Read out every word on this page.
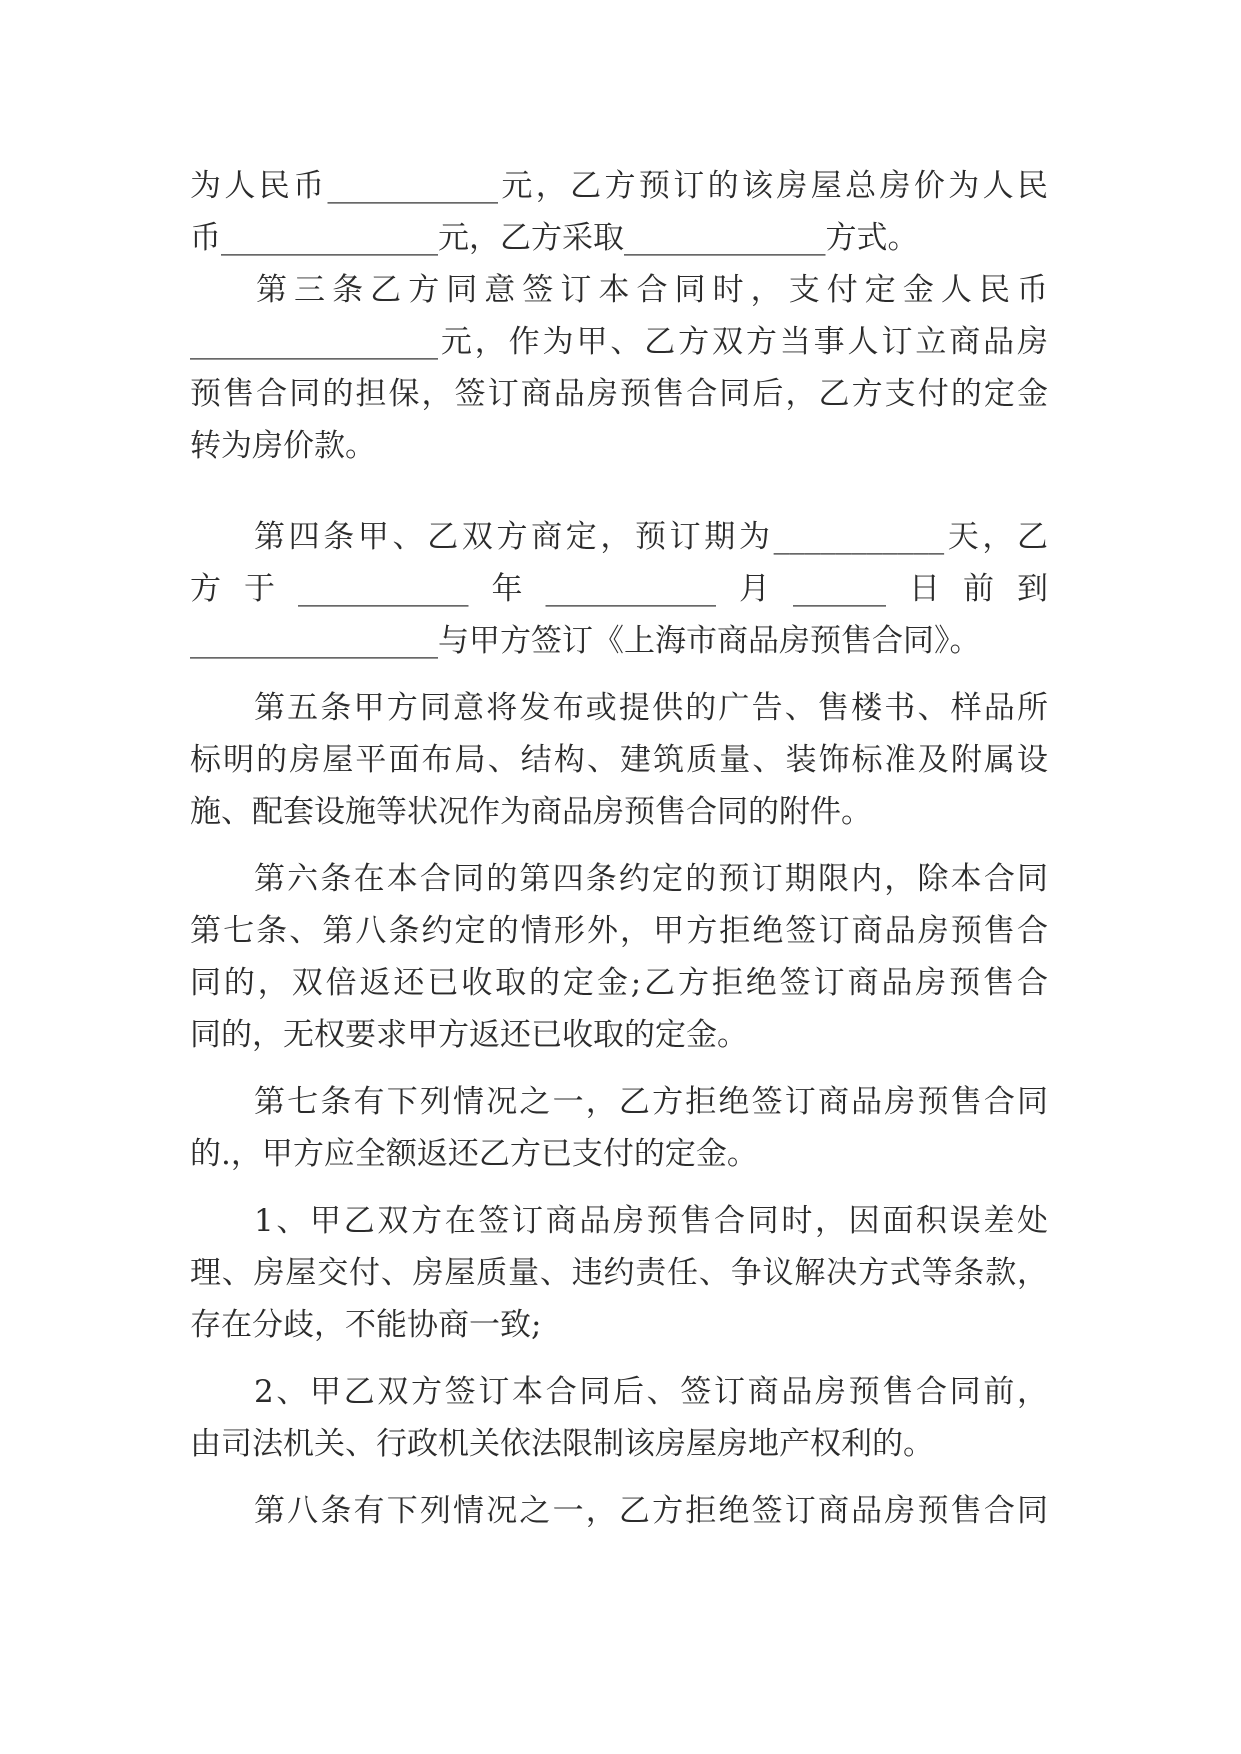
为人民币___________元，乙方预订的该房屋总房价为人民
币______________元，乙方采取_____________方式。
第三条乙方同意签订本合同时，支付定金人民币
________________元，作为甲、乙方双方当事人订立商品房
预售合同的担保，签订商品房预售合同后，乙方支付的定金
转为房价款。
第四条甲、乙双方商定，预订期为___________天，乙
方于___________年___________月______日前到
________________与甲方签订《上海市商品房预售合同》。
第五条甲方同意将发布或提供的广告、售楼书、样品所
标明的房屋平面布局、结构、建筑质量、装饰标准及附属设
施、配套设施等状况作为商品房预售合同的附件。
第六条在本合同的第四条约定的预订期限内，除本合同
第七条、第八条约定的情形外，甲方拒绝签订商品房预售合
同的，双倍返还已收取的定金;乙方拒绝签订商品房预售合
同的，无权要求甲方返还已收取的定金。
第七条有下列情况之一，乙方拒绝签订商品房预售合同
的.，甲方应全额返还乙方已支付的定金。
1、甲乙双方在签订商品房预售合同时，因面积误差处
理、房屋交付、房屋质量、违约责任、争议解决方式等条款，
存在分歧，不能协商一致;
2、甲乙双方签订本合同后、签订商品房预售合同前，
由司法机关、行政机关依法限制该房屋房地产权利的。
第八条有下列情况之一，乙方拒绝签订商品房预售合同
